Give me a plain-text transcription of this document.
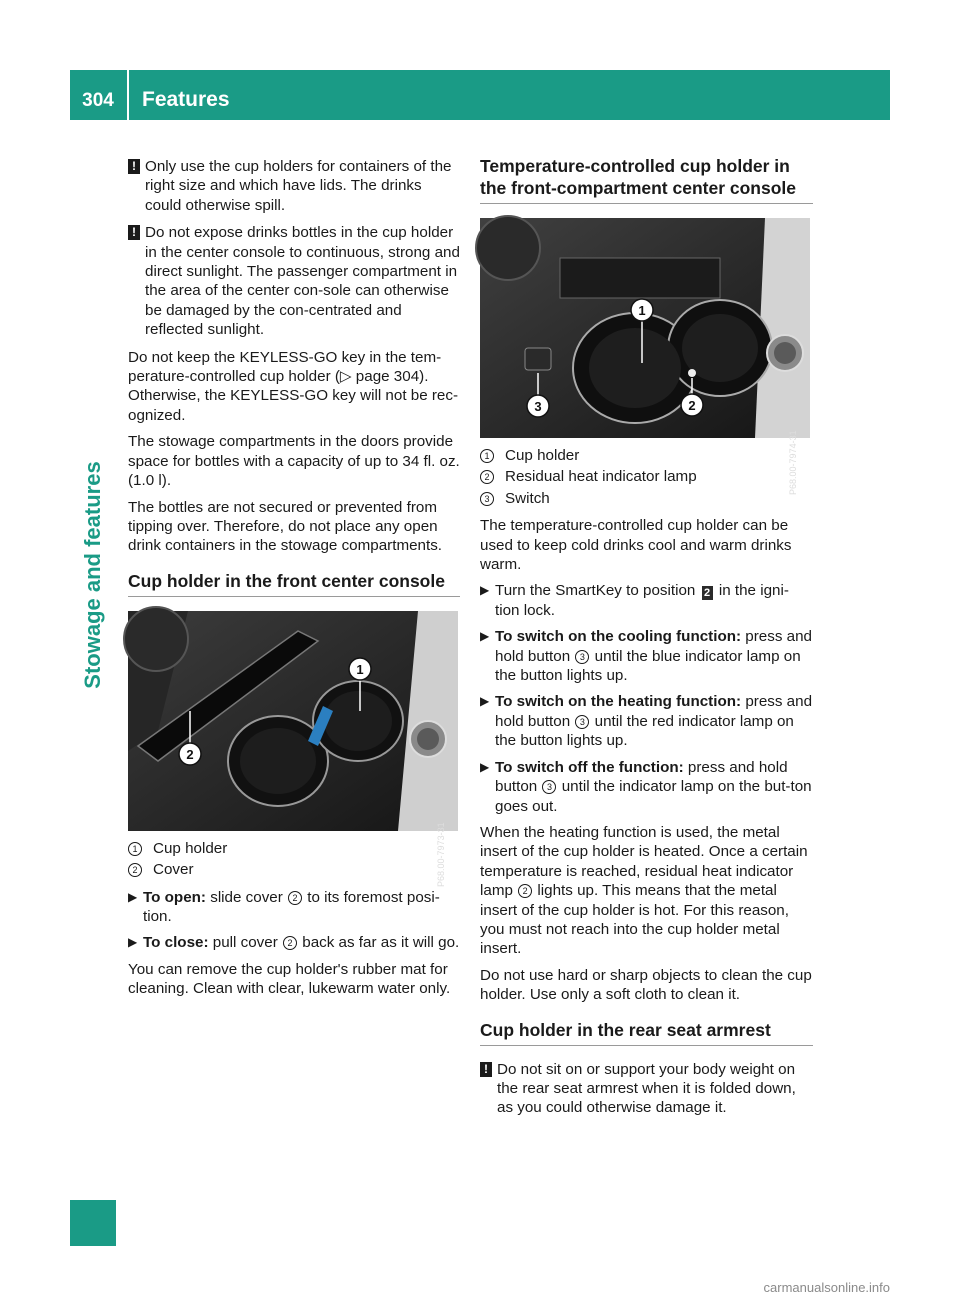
304	Features
Stowage and features
! Only use the cup holders for containers of the right size and which have lids. The drinks could otherwise spill.
! Do not expose drinks bottles in the cup holder in the center console to continuous, strong and direct sunlight. The passenger compartment in the area of the center con-sole can otherwise be damaged by the con-centrated and reflected sunlight.

Do not keep the KEYLESS-GO key in the tem-perature-controlled cup holder (▷ page 304). Otherwise, the KEYLESS-GO key will not be rec-ognized.

The stowage compartments in the doors provide space for bottles with a capacity of up to 34 fl. oz. (1.0 l).

The bottles are not secured or prevented from tipping over. Therefore, do not place any open drink containers in the stowage compartments.

Cup holder in the front center console
1
2
P68.00-7973-31
1 Cup holder
2 Cover
▶ To open: slide cover 2 to its foremost posi-tion.
▶ To close: pull cover 2 back as far as it will go.

You can remove the cup holder's rubber mat for cleaning. Clean with clear, lukewarm water only.

Temperature-controlled cup holder in the front-compartment center console
1
3	2
P68.00-7974-31
1 Cup holder
2 Residual heat indicator lamp
3 Switch

The temperature-controlled cup holder can be used to keep cold drinks cool and warm drinks warm.

▶ Turn the SmartKey to position 2 in the igni-tion lock.
▶ To switch on the cooling function: press and hold button 3 until the blue indicator lamp on the button lights up.
▶ To switch on the heating function: press and hold button 3 until the red indicator lamp on the button lights up.
▶ To switch off the function: press and hold button 3 until the indicator lamp on the but-ton goes out.

When the heating function is used, the metal insert of the cup holder is heated. Once a certain temperature is reached, residual heat indicator lamp 2 lights up. This means that the metal insert of the cup holder is hot. For this reason, you must not reach into the cup holder metal insert.

Do not use hard or sharp objects to clean the cup holder. Use only a soft cloth to clean it.

Cup holder in the rear seat armrest
! Do not sit on or support your body weight on the rear seat armrest when it is folded down, as you could otherwise damage it.
carmanualsonline.info
